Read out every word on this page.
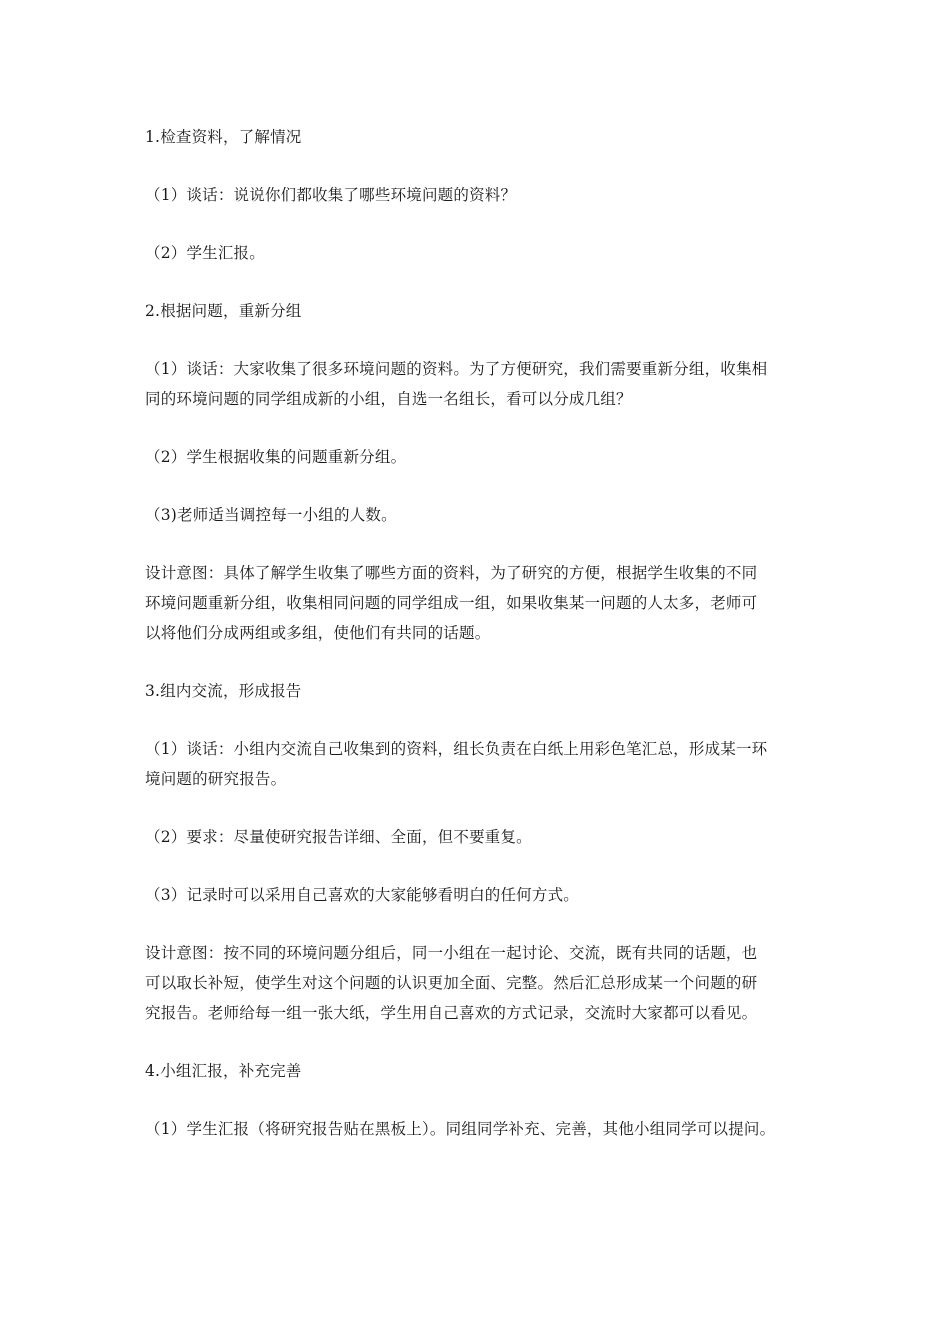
1.检查资料，了解情况
（1）谈话：说说你们都收集了哪些环境问题的资料？
（2）学生汇报。
2.根据问题，重新分组
（1）谈话：大家收集了很多环境问题的资料。为了方便研究，我们需要重新分组，收集相
同的环境问题的同学组成新的小组，自选一名组长，看可以分成几组？
（2）学生根据收集的问题重新分组。
（3)老师适当调控每一小组的人数。
设计意图：具体了解学生收集了哪些方面的资料，为了研究的方便，根据学生收集的不同
环境问题重新分组，收集相同问题的同学组成一组，如果收集某一问题的人太多，老师可
以将他们分成两组或多组，使他们有共同的话题。
3.组内交流，形成报告
（1）谈话：小组内交流自己收集到的资料，组长负责在白纸上用彩色笔汇总，形成某一环
境问题的研究报告。
（2）要求：尽量使研究报告详细、全面，但不要重复。
（3）记录时可以采用自己喜欢的大家能够看明白的任何方式。
设计意图：按不同的环境问题分组后，同一小组在一起讨论、交流，既有共同的话题，也
可以取长补短，使学生对这个问题的认识更加全面、完整。然后汇总形成某一个问题的研
究报告。老师给每一组一张大纸，学生用自己喜欢的方式记录，交流时大家都可以看见。
4.小组汇报，补充完善
（1）学生汇报（将研究报告贴在黑板上）。同组同学补充、完善，其他小组同学可以提问。
